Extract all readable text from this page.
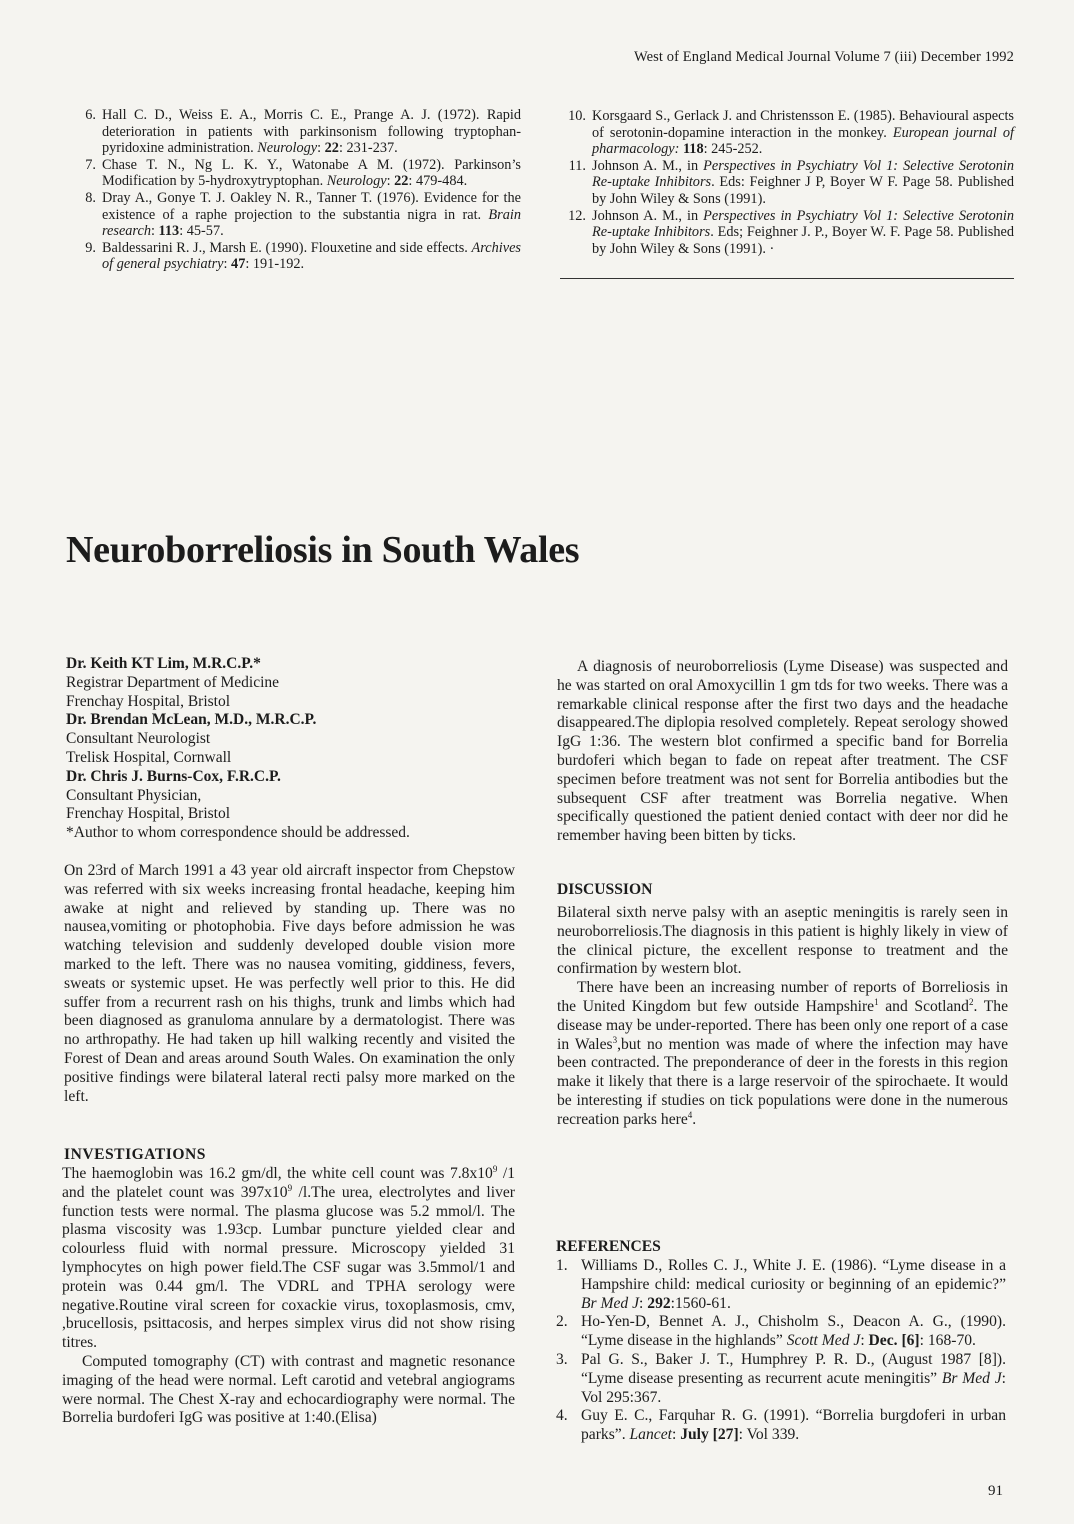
West of England Medical Journal Volume 7 (iii) December 1992
6. Hall C. D., Weiss E. A., Morris C. E., Prange A. J. (1972). Rapid deterioration in patients with parkinsonism following tryptophan-pyridoxine administration. Neurology: 22: 231-237.
7. Chase T. N., Ng L. K. Y., Watonabe A M. (1972). Parkinson’s Modification by 5-hydroxytryptophan. Neurology: 22: 479-484.
8. Dray A., Gonye T. J. Oakley N. R., Tanner T. (1976). Evidence for the existence of a raphe projection to the substantia nigra in rat. Brain research: 113: 45-57.
9. Baldessarini R. J., Marsh E. (1990). Flouxetine and side effects. Archives of general psychiatry: 47: 191-192.
10. Korsgaard S., Gerlack J. and Christensson E. (1985). Behavioural aspects of serotonin-dopamine interaction in the monkey. European journal of pharmacology: 118: 245-252.
11. Johnson A. M., in Perspectives in Psychiatry Vol 1: Selective Serotonin Re-uptake Inhibitors. Eds: Feighner J P, Boyer W F. Page 58. Published by John Wiley & Sons (1991).
12. Johnson A. M., in Perspectives in Psychiatry Vol 1: Selective Serotonin Re-uptake Inhibitors. Eds; Feighner J. P., Boyer W. F. Page 58. Published by John Wiley & Sons (1991). ·
Neuroborreliosis in South Wales
Dr. Keith KT Lim, M.R.C.P.*
Registrar Department of Medicine
Frenchay Hospital, Bristol
Dr. Brendan McLean, M.D., M.R.C.P.
Consultant Neurologist
Trelisk Hospital, Cornwall
Dr. Chris J. Burns-Cox, F.R.C.P.
Consultant Physician,
Frenchay Hospital, Bristol
*Author to whom correspondence should be addressed.

On 23rd of March 1991 a 43 year old aircraft inspector from Chepstow was referred with six weeks increasing frontal headache, keeping him awake at night and relieved by standing up. There was no nausea,vomiting or photophobia. Five days before admission he was watching television and suddenly developed double vision more marked to the left. There was no nausea vomiting, giddiness, fevers, sweats or systemic upset. He was perfectly well prior to this. He did suffer from a recurrent rash on his thighs, trunk and limbs which had been diagnosed as granuloma annulare by a dermatologist. There was no arthropathy. He had taken up hill walking recently and visited the Forest of Dean and areas around South Wales. On examination the only positive findings were bilateral lateral recti palsy more marked on the left.

INVESTIGATIONS

The haemoglobin was 16.2 gm/dl, the white cell count was $7.8x10^9$ /1 and the platelet count was $397x10^9$ /l.The urea, electrolytes and liver function tests were normal. The plasma glucose was 5.2 mmol/l. The plasma viscosity was 1.93cp. Lumbar puncture yielded clear and colourless fluid with normal pressure. Microscopy yielded 31 lymphocytes on high power field.The CSF sugar was 3.5mmol/1 and protein was 0.44 gm/l. The VDRL and TPHA serology were negative.Routine viral screen for coxackie virus, toxoplasmosis, cmv, ,brucellosis, psittacosis, and herpes simplex virus did not show rising titres.

Computed tomography (CT) with contrast and magnetic resonance imaging of the head were normal. Left carotid and vetebral angiograms were normal. The Chest X-ray and echocardiography were normal. The Borrelia burdoferi IgG was positive at 1:40.(Elisa)

A diagnosis of neuroborreliosis (Lyme Disease) was suspected and he was started on oral Amoxycillin 1 gm tds for two weeks. There was a remarkable clinical response after the first two days and the headache disappeared.The diplopia resolved completely. Repeat serology showed IgG 1:36. The western blot confirmed a specific band for Borrelia burdoferi which began to fade on repeat after treatment. The CSF specimen before treatment was not sent for Borrelia antibodies but the subsequent CSF after treatment was Borrelia negative. When specifically questioned the patient denied contact with deer nor did he remember having been bitten by ticks.

DISCUSSION

Bilateral sixth nerve palsy with an aseptic meningitis is rarely seen in neuroborreliosis.The diagnosis in this patient is highly likely in view of the clinical picture, the excellent response to treatment and the confirmation by western blot.

There have been an increasing number of reports of Borreliosis in the United Kingdom but few outside Hampshire$^1$ and Scotland$^2$. The disease may be under-reported. There has been only one report of a case in Wales$^3$,but no mention was made of where the infection may have been contracted. The preponderance of deer in the forests in this region make it likely that there is a large reservoir of the spirochaete. It would be interesting if studies on tick populations were done in the numerous recreation parks here$^4$.

REFERENCES
1. Williams D., Rolles C. J., White J. E. (1986). “Lyme disease in a Hampshire child: medical curiosity or beginning of an epidemic?” Br Med J: 292:1560-61.
2. Ho-Yen-D, Bennet A. J., Chisholm S., Deacon A. G., (1990). “Lyme disease in the highlands” Scott Med J: Dec. [6]: 168-70.
3. Pal G. S., Baker J. T., Humphrey P. R. D., (August 1987 [8]). “Lyme disease presenting as recurrent acute meningitis” Br Med J: Vol 295:367.
4. Guy E. C., Farquhar R. G. (1991). “Borrelia burgdoferi in urban parks”. Lancet: July [27]: Vol 339.

91
